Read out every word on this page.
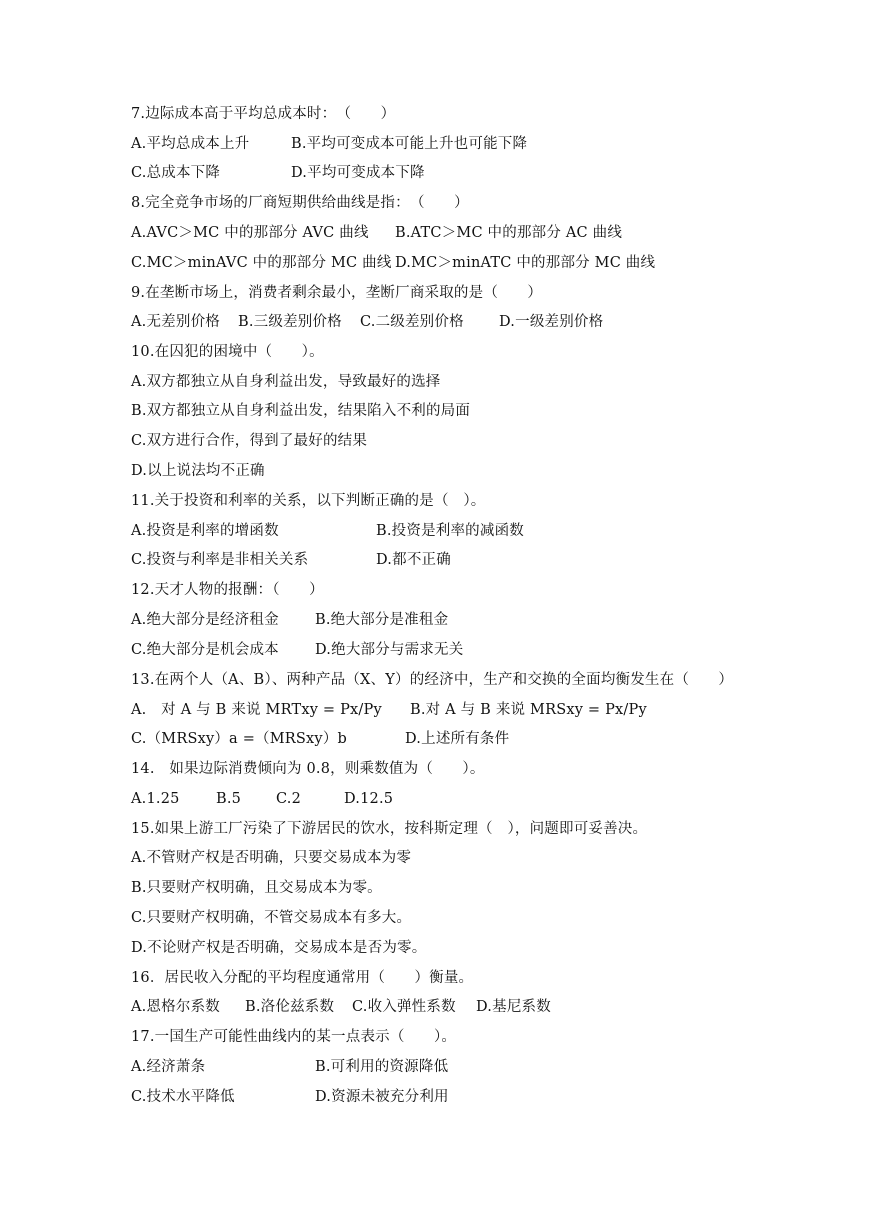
7.边际成本高于平均总成本时：　（　　）
A.平均总成本上升	B.平均可变成本可能上升也可能下降
C.总成本下降	D.平均可变成本下降
8.完全竞争市场的厂商短期供给曲线是指：　（　　）
A.AVC＞MC 中的那部分 AVC 曲线 B.ATC＞MC 中的那部分 AC 曲线
C.MC＞minAVC 中的那部分 MC 曲线 D.MC＞minATC 中的那部分 MC 曲线
9.在垄断市场上，消费者剩余最小，垄断厂商采取的是（　　）
A.无差别价格 B.三级差别价格 C.二级差别价格 D.一级差别价格
10.在囚犯的困境中（　　）。
A.双方都独立从自身利益出发，导致最好的选择
B.双方都独立从自身利益出发，结果陷入不利的局面
C.双方进行合作，得到了最好的结果
D.以上说法均不正确
11.关于投资和利率的关系，以下判断正确的是（　）。
A.投资是利率的增函数	B.投资是利率的减函数
C.投资与利率是非相关关系	D.都不正确
12.天才人物的报酬：（　　）
A.绝大部分是经济租金 B.绝大部分是准租金
C.绝大部分是机会成本 D.绝大部分与需求无关
13.在两个人（A、B）、两种产品（X、Y）的经济中，生产和交换的全面均衡发生在（　　）
A.　对 A 与 B 来说 MRTxy = Px/Py B.对 A 与 B 来说 MRSxy = Px/Py
C.（MRSxy）a =（MRSxy）b	D.上述所有条件
14.　如果边际消费倾向为 0.8，则乘数值为（　　）。
A.1.25	B.5 C.2	D.12.5
15.如果上游工厂污染了下游居民的饮水，按科斯定理（　），问题即可妥善决。
A.不管财产权是否明确，只要交易成本为零
B.只要财产权明确，且交易成本为零。
C.只要财产权明确，不管交易成本有多大。
D.不论财产权是否明确，交易成本是否为零。
16．居民收入分配的平均程度通常用（　　）衡量。
A.恩格尔系数 B.洛伦兹系数 C.收入弹性系数 D.基尼系数
17.一国生产可能性曲线内的某一点表示（　　）。
A.经济萧条	B.可利用的资源降低
C.技术水平降低	D.资源未被充分利用
